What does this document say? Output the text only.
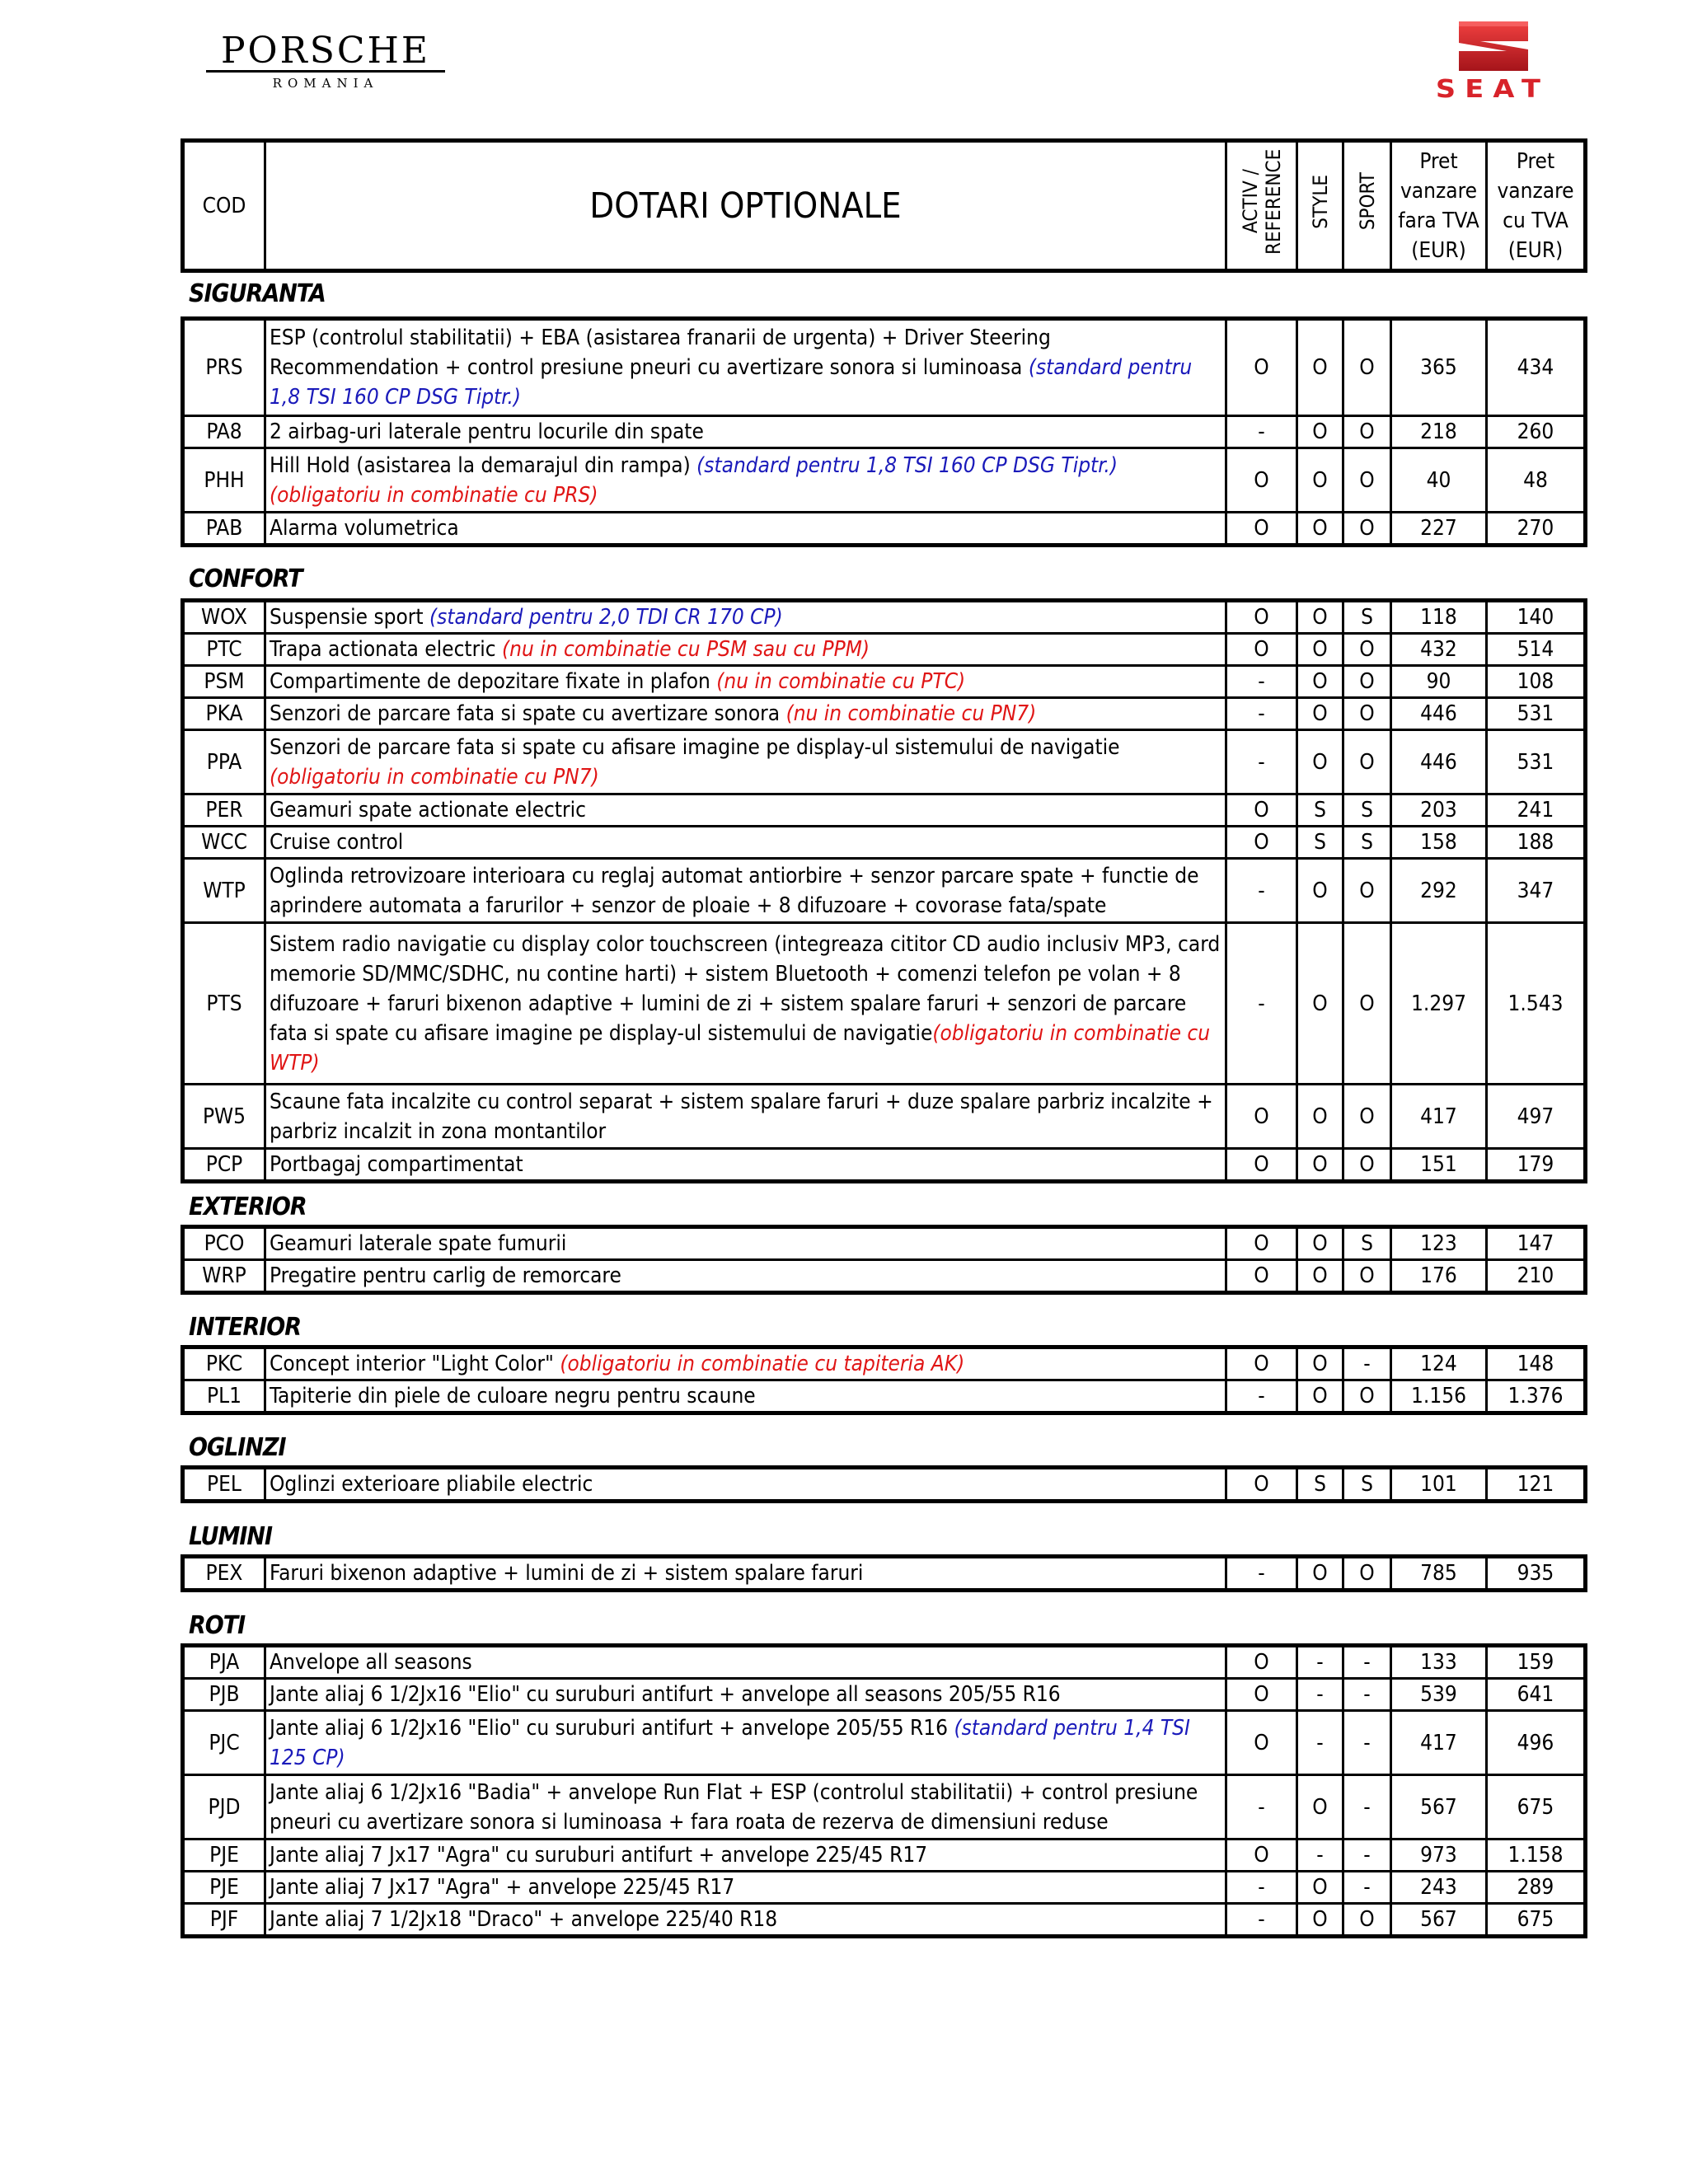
PORSCHE
ROMANIA	SEAT
COD	DOTARI OPTIONALE	ACTIV / REFERENCE	STYLE	SPORT	Pret vanzare fara TVA (EUR)	Pret vanzare cu TVA (EUR)
SIGURANTA
PRS	ESP (controlul stabilitatii) + EBA (asistarea franarii de urgenta) + Driver Steering Recommendation + control presiune pneuri cu avertizare sonora si luminoasa (standard pentru 1,8 TSI 160 CP DSG Tiptr.)	O	O	O	365	434
PA8	2 airbag-uri laterale pentru locurile din spate	-	O	O	218	260
PHH	Hill Hold (asistarea la demarajul din rampa) (standard pentru 1,8 TSI 160 CP DSG Tiptr.) (obligatoriu in combinatie cu PRS)	O	O	O	40	48
PAB	Alarma volumetrica	O	O	O	227	270
CONFORT
WOX	Suspensie sport (standard pentru 2,0 TDI CR 170 CP)	O	O	S	118	140
PTC	Trapa actionata electric (nu in combinatie cu PSM sau cu PPM)	O	O	O	432	514
PSM	Compartimente de depozitare fixate in plafon (nu in combinatie cu PTC)	-	O	O	90	108
PKA	Senzori de parcare fata si spate cu avertizare sonora (nu in combinatie cu PN7)	-	O	O	446	531
PPA	Senzori de parcare fata si spate cu afisare imagine pe display-ul sistemului de navigatie (obligatoriu in combinatie cu PN7)	-	O	O	446	531
PER	Geamuri spate actionate electric	O	S	S	203	241
WCC	Cruise control	O	S	S	158	188
WTP	Oglinda retrovizoare interioara cu reglaj automat antiorbire + senzor parcare spate + functie de aprindere automata a farurilor + senzor de ploaie + 8 difuzoare + covorase fata/spate	-	O	O	292	347
PTS	Sistem radio navigatie cu display color touchscreen (integreaza cititor CD audio inclusiv MP3, card memorie SD/MMC/SDHC, nu contine harti) + sistem Bluetooth + comenzi telefon pe volan + 8 difuzoare + faruri bixenon adaptive + lumini de zi + sistem spalare faruri + senzori de parcare fata si spate cu afisare imagine pe display-ul sistemului de navigatie(obligatoriu in combinatie cu WTP)	-	O	O	1.297	1.543
PW5	Scaune fata incalzite cu control separat + sistem spalare faruri + duze spalare parbriz incalzite + parbriz incalzit in zona montantilor	O	O	O	417	497
PCP	Portbagaj compartimentat	O	O	O	151	179
EXTERIOR
PCO	Geamuri laterale spate fumurii	O	O	S	123	147
WRP	Pregatire pentru carlig de remorcare	O	O	O	176	210
INTERIOR
PKC	Concept interior "Light Color" (obligatoriu in combinatie cu tapiteria AK)	O	O	-	124	148
PL1	Tapiterie din piele de culoare negru pentru scaune	-	O	O	1.156	1.376
OGLINZI
PEL	Oglinzi exterioare pliabile electric	O	S	S	101	121
LUMINI
PEX	Faruri bixenon adaptive + lumini de zi + sistem spalare faruri	-	O	O	785	935
ROTI
PJA	Anvelope all seasons	O	-	-	133	159
PJB	Jante aliaj 6 1/2Jx16 "Elio" cu suruburi antifurt + anvelope all seasons 205/55 R16	O	-	-	539	641
PJC	Jante aliaj 6 1/2Jx16 "Elio" cu suruburi antifurt + anvelope 205/55 R16 (standard pentru 1,4 TSI 125 CP)	O	-	-	417	496
PJD	Jante aliaj 6 1/2Jx16 "Badia" + anvelope Run Flat + ESP (controlul stabilitatii) + control presiune pneuri cu avertizare sonora si luminoasa + fara roata de rezerva de dimensiuni reduse	-	O	-	567	675
PJE	Jante aliaj 7 Jx17 "Agra" cu suruburi antifurt + anvelope 225/45 R17	O	-	-	973	1.158
PJE	Jante aliaj 7 Jx17 "Agra" + anvelope 225/45 R17	-	O	-	243	289
PJF	Jante aliaj 7 1/2Jx18 "Draco" + anvelope 225/40 R18	-	O	O	567	675
